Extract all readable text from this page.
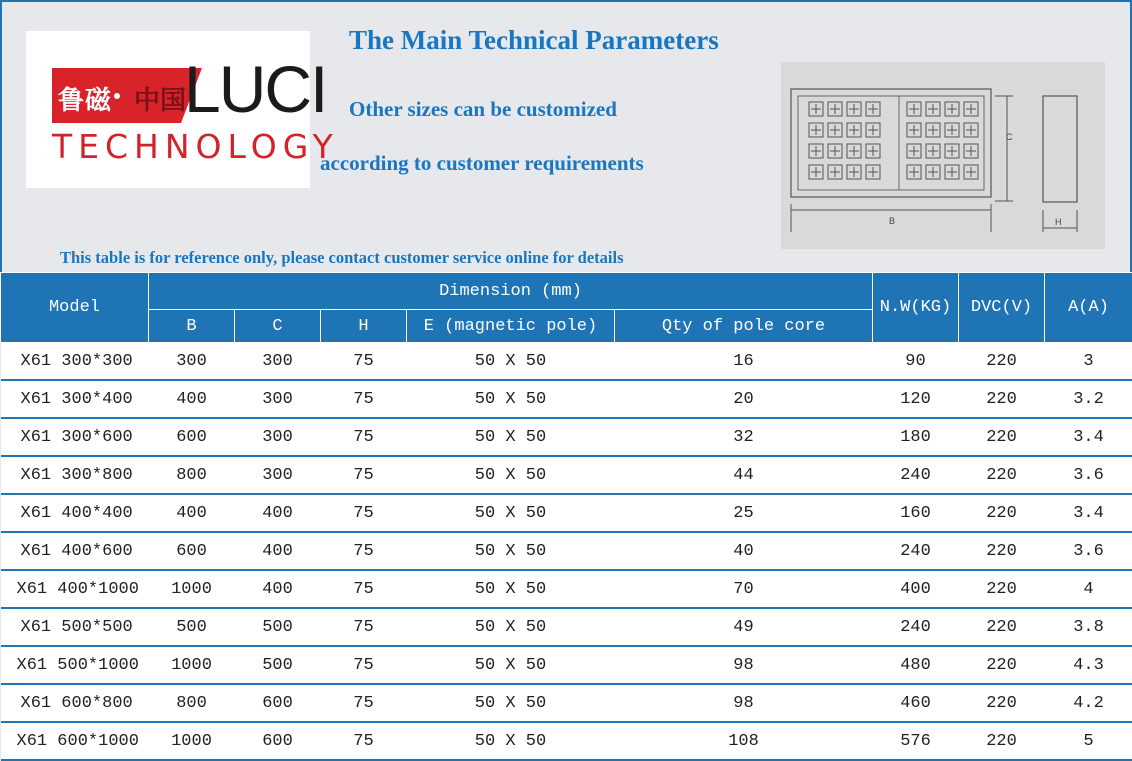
鲁磁 中国
LUCI
TECHNOLOGY
The Main Technical Parameters
Other sizes can be customized
according to customer requirements
This table is for reference only, please contact customer service online for details
B
C
H
Model	Dimension (mm)					N.W(KG)	DVC(V)	A(A)
	B	C	H	E (magnetic pole)	Qty of pole core			
X61 300*300	300	300	75	50 X 50	16	90	220	3
X61 300*400	400	300	75	50 X 50	20	120	220	3.2
X61 300*600	600	300	75	50 X 50	32	180	220	3.4
X61 300*800	800	300	75	50 X 50	44	240	220	3.6
X61 400*400	400	400	75	50 X 50	25	160	220	3.4
X61 400*600	600	400	75	50 X 50	40	240	220	3.6
X61 400*1000	1000	400	75	50 X 50	70	400	220	4
X61 500*500	500	500	75	50 X 50	49	240	220	3.8
X61 500*1000	1000	500	75	50 X 50	98	480	220	4.3
X61 600*800	800	600	75	50 X 50	98	460	220	4.2
X61 600*1000	1000	600	75	50 X 50	108	576	220	5
